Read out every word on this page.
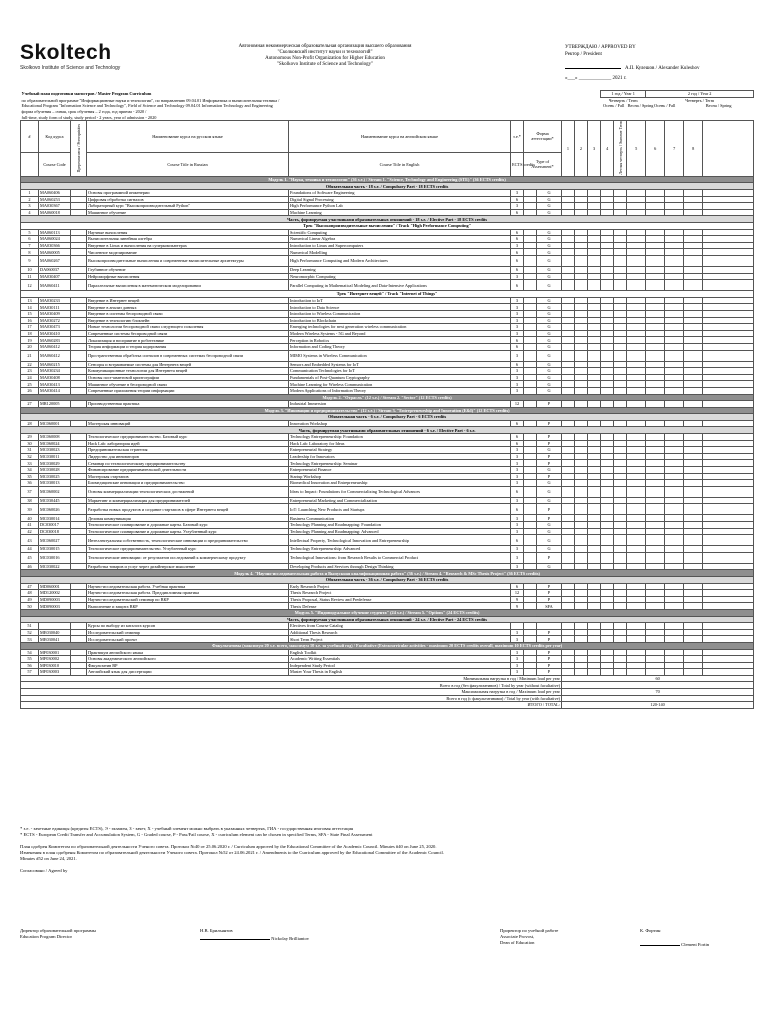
Skoltech
Skolkovo Institute of Science and Technology
Автономная некоммерческая образовательная организация высшего образования
"Сколковский институт науки и технологий"
Autonomous Non-Profit Organization for Higher Education
"Skolkovo Institute of Science and Technology"
УТВЕРЖДАЮ / APPROVED BY
Ректор / President
A.II. Кулешов / Alexander Kuleshov
«___» _____________ 2021 г.
Учебный план подготовки магистров / Master Program Curriculum											1 год / Year 1			2 год / Year 2			
по образовательной программе "Информационные науки и технологии", по направлению 09.04.01 Информатика и вычислительная техника /											Четверть / Term			Четверть / Term			
Educational Program "Information Science and Technology", Field of Science and Technology 09.04.01 Information Technology and Engineering											Осень / Fall		Весна / Spring	Осень / Fall		Весна / Spring	
форма обучения – очная, срок обучения – 2 года, год приема - 2020 /																	
full-time, study form of study, study period - 2 years, year of admission - 2020																	
#	Код курса	Пререквизиты / Prerequisites	Наименование курса на русском языке	Наименование курса на английском языке	з.е.*	Форма аттестации*		1	2	3	4	Летняя четверть / Summer Term	5	6	7	8	
	Course Code		Course Title in Russian	Course Title in English	ECTS credits	Type of Assessment*											
Модуль 1. "Наука, техника и технологии" (36 з.е.) / Stream 1. "Science, Technology and Engineering (STE)" (36 ECTS credits)																	
Обязательная часть - 18 з.е. / Compulsory Part - 18 ECTS credits																	
1	MA060406		Основы программной инженерии	Foundations of Software Engineering	3		G										
2	MA060253		Цифровая обработка сигналов	Digital Signal Processing	6		G										
3	MA030367		Лабораторный курс "Высокопроизводительный Python"	High Performance Python Lab	3		G										
4	MA060018		Машинное обучение	Machine Learning	6		G										
Часть, формируемая участниками образовательных отношений - 18 з.е. / Elective Part - 18 ECTS credits																	
Трек "Высокопроизводительные вычисления" / Track "High Performance Computing"																	
5	MA060113		Научные вычисления	Scientific Computing	6		G										
6	MA060024		Вычислительная линейная алгебра	Numerical Linear Algebra	6		G										
7	MA030366		Введение в Linux и вычисления на суперкомпьютерах	Introduction to Linux and Supercomputers	3		G										
8	MA060005		Численное моделирование	Numerical Modelling	6		G										
9	MA060267		Высокопроизводительные вычисления и современные вычислительные архитектуры	High Performance Computing and Modern Architectures	6		G										
10	DA060037		Глубинное обучение	Deep Learning	6		G										
11	MA030407		Нейроморфные вычисления	Neuromorphic Computing	3		G										
12	MA060411		Параллельные вычисления в математическом моделировании	Parallel Computing in Mathematical Modeling and Data-Intensive Applications	6		G										
Трек "Интернет вещей" / Track "Internet of Things"																	
13	MA030233		Введение в Интернет вещей	Introduction to IoT	3		G										
14	MA030111		Введение в анализ данных	Introduction to Data Science	3		G										
15	MA030409		Введение в системы беспроводной связи	Introduction to Wireless Communication	3		G										
16	MA030272		Введение в технологию блокчейн	Introduction to Blockchain	3		G										
17	MA030473		Новые технологии беспроводной связи следующего поколения	Emerging technologies for next generation wireless communication	3		G										
18	MA030410		Современные системы беспроводной связи	Modern Wireless Systems - 5G and Beyond	3		G										
19	MA060283		Локализация и восприятие в роботехнике	Perception in Robotics	6		G										
20	MA060412		Теория информации и теория кодирования	Information and Coding Theory	6		G										
21	MA060412		Пространственная обработка сигналов в современных системах беспроводной связи	MIMO Systems in Wireless Communication	3		G										
22	MA060215		Сенсоры и встраиваемые системы для Интернета вещей	Sensors and Embedded Systems for IoT	6		G										
23	MA030234		Коммуникационные технологии для Интернета вещей	Communication Technologies for IoT	3		G										
24	MA030408		Основы пост-квантовой криптографии	Fundamentals of Post-Quantum Cryptography	3		G										
25	MA030413		Машинное обучение в беспроводной связи	Machine Learning for Wireless Communication	3		G										
26	MA030414		Современные приложения теории информации	Modern Applications of Information Theory	3		G										
Модуль 2. "Отрасль" (12 з.е.) / Stream 2. "Sector" (12 ECTS credits)																	
27	MR120005		Производственная практика	Industrial Immersion	12		P										
Модуль 3. "Инновации и предпринимательство" (12 з.е.) / Stream 3. "Entrepreneurship and Innovation (E&I)" (12 ECTS credits)																	
Обязательная часть - 6 з.е. / Compulsory Part - 6 ECTS credits																	
28	MC060001		Мастерская инноваций	Innovation Workshop	6		P										
Часть, формируемая участниками образовательных отношений - 6 з.е. / Elective Part - 6 з.е.																	
29	MC060008		Технологическое предпринимательство. Базовый курс	Technology Entrepreneurship: Foundation	6		P										
30	MC060024		Hack Lab: лаборатория идей	Hack Lab: Laboratory for Ideas	6		P										
31	MC030023		Предпринимательская стратегия	Entrepreneurial Strategy	3		G										
32	MC030011		Лидерство для инноваторов	Leadership for Innovators	3		P										
33	MC030029		Семинар по технологическому предпринимательству	Technology Entrepreneurship: Seminar	3		P										
34	MC030028		Финансирование предпринимательской деятельности	Entrepreneurial Finance	3		G										
35	MC030025		Мастерская стартапов	Startup Workshop	3		P										
36	MC030013		Биомедицинские инновации и предпринимательство	Biomedical Innovation and Entrepreneurship	3		G										
37	MC060002		Основы коммерциализации технологических достижений	Ideas to Impact: Foundations for Commercializing Technological Advances	6		G										
38	MC030445		Маркетинг и коммерциализация для предпринимателей	Entrepreneurial Marketing and Commercialization	3		G										
39	MC060026		Разработка новых продуктов и создание стартапов в сфере Интернета вещей	IoT: Launching New Products and Startups	6		P										
40	MC030014		Деловая коммуникация	Business Communication	3		P										
41	DC030017		Технологическое планирование и дорожные карты. Базовый курс	Technology Planning and Roadmapping: Foundation	3		G										
42	DC030018		Технологическое планирование и дорожные карты. Углубленный курс	Technology Planning and Roadmapping: Advanced	3		G										
43	MC060027		Интеллектуальная собственность, технологические инновации и предпринимательство	Intellectual Property, Technological Innovation and Entrepreneurship	6		G										
44	MC030015		Технологическое предпринимательство. Углубленный курс	Technology Entrepreneurship: Advanced	3		G										
45	MC030016		Технологические инновации: от результатов исследований к коммерческому продукту	Technological Innovations: from Research Results to Commercial Product	3		P										
46	MC030022		Разработка товаров и услуг через дизайнерское мышление	Developing Products and Services through Design Thinking	3		G										
Модуль 4. "Научно-исследовательская работа и Выпускная квалификационная работа" (36 з.е.) / Stream 4. "Research & MSc Thesis Project" (36 ECTS credits)																	
Обязательная часть - 36 з.е. / Compulsory Part - 36 ECTS credits																	
47	MD060001		Научно-исследовательская работа. Учебная практика	Early Research Project	6		P										
48	MD120002		Научно-исследовательская работа. Преддипломная практика	Thesis Research Project	12		P										
49	MD090003		Научно-исследовательский семинар по ВКР	Thesis Proposal, Status Review and Predefense	9		P										
50	MD090003		Выполнение и защита ВКР	Thesis Defense	9		SFA										
Модуль 5. "Индивидуальное обучение студента" (24 з.е.) / Stream 5. "Options" (24 ECTS credits)																	
Часть, формируемая участниками образовательных отношений - 24 з.е. / Elective Part - 24 ECTS credits																	
51			Курсы по выбору из каталога курсов	Electives from Course Catalog													
52	ME030040		Исследовательский семинар	Additional Thesis Research	3		P										
53	ME030041		Исследовательский проект	Short Term Project	3		P										
Факультативы (максимум 20 з.е. всего, максимум 10 з.е. за учебный год) / Facultative (Extracurricular activities - maximum 20 ECTS credits overall, maximum 10 ECTS credits per year)																	
54	MF030001		Практикум английского языка	English Toolkit	3		P										
55	MF030002		Основы академического английского	Academic Writing Essentials	3		P										
56	MF030010		Факультатив ВР	Independent Study Period	3		P										
57	MF030003		Английский язык для диссертации	Master Your Thesis in English	3		P										
Минимальная нагрузка в год / Minimum load per year								60									
Всего в год (без факультативов) / Total by year (without facultative)																	
Максимальная нагрузка в год / Maximum load per year								70									
Всего в год (с факультативами) / Total by year (with facultative)																	
ИТОГО / TOTAL:								120-140									
* з.е. - зачетные единицы (кредиты ECTS), Э - экзамен, З - зачет, Х - учебный элемент можно выбрать в указанных четвертях, ГИА - государственная итоговая аттестация
* ECTS - European Credit Transfer and Accumulation System, G - Graded course, P - Pass/Fail course, X - curriculum element can be chosen in specified Terms, SFA - State Final Assessment
План одобрен Комитетом по образовательной деятельности Ученого совета. Протокол №40 от 25.06.2020 г. / Curriculum approved by the Educational Committee of the Academic Council. Minutes #40 on June 25, 2020.
Изменения в план одобрены Комитетом по образовательной деятельности Ученого совета. Протокол №52 от 24.06.2021 г. / Amendments to the Curriculum approved by the Educational Committee of the Academic Council.
Minutes #52 on June 24, 2021.
Согласовано / Agreed by
Директор образовательной программы
Education Program Director
Н.В. Брильянтов
Nickolay Brilliantov
Проректор по учебной работе
Associate Provost,
Dean of Education
К. Фортин
Clement Fortin
